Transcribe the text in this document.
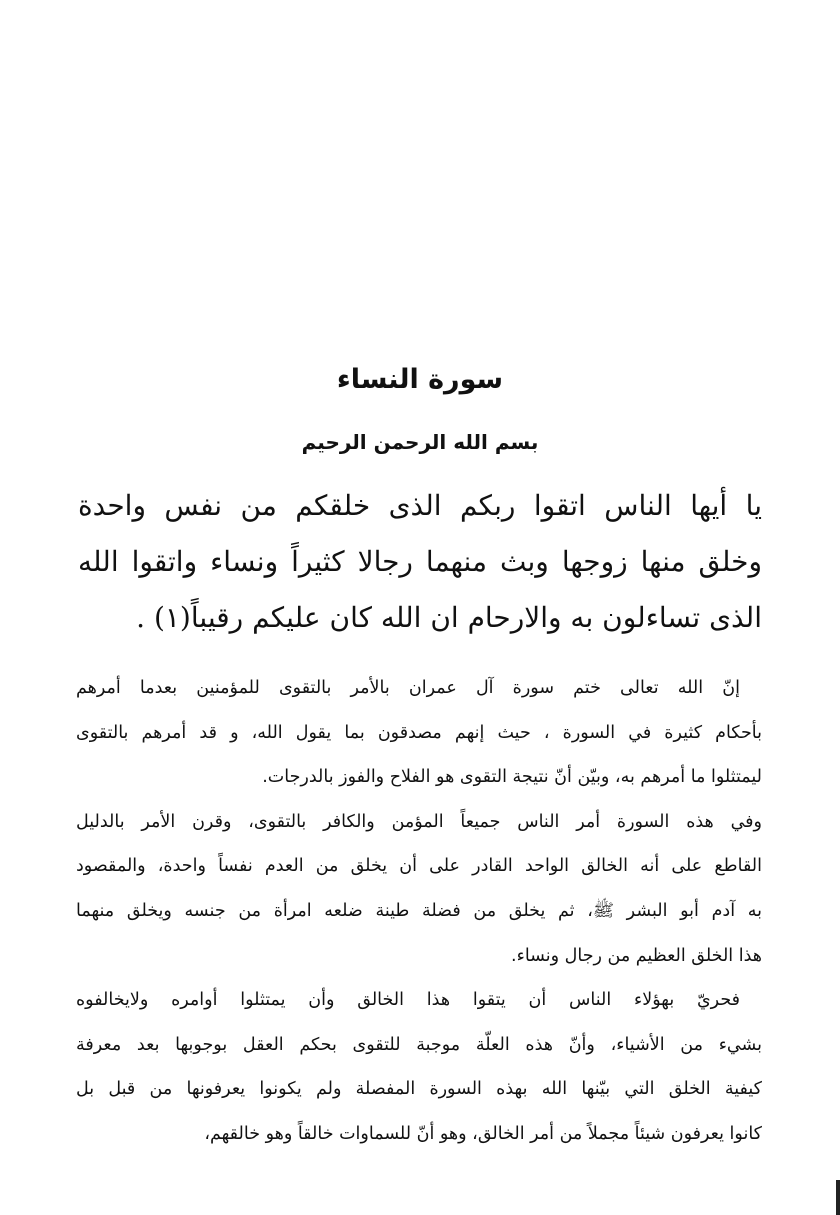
سورة النساء
بسم الله الرحمن الرحيم
يا أيها الناس اتقوا ربكم الذى خلقكم من نفس واحدة
وخلق منها زوجها وبث منهما رجالا كثيراً ونساء واتقوا الله
الذى تساءلون به والارحام ان الله كان عليكم رقيباً(١) .
إنّ الله تعالى ختم سورة آل عمران بالأمر بالتقوى للمؤمنين بعدما أمرهم
بأحكام كثيرة في السورة ، حيث إنهم مصدقون بما يقول الله، و قد أمرهم بالتقوى
ليمتثلوا ما أمرهم به، وبيّن أنّ نتيجة التقوى هو الفلاح والفوز بالدرجات.
وفي هذه السورة أمر الناس جميعاً المؤمن والكافر بالتقوى، وقرن الأمر بالدليل
القاطع على أنه الخالق الواحد القادر على أن يخلق من العدم نفساً واحدة، والمقصود
به آدم أبو البشر ﷺ، ثم يخلق من فضلة طينة ضلعه امرأة من جنسه ويخلق منهما
هذا الخلق العظيم من رجال ونساء.
فحريّ بهؤلاء الناس أن يتقوا هذا الخالق وأن يمتثلوا أوامره ولايخالفوه
بشيء من الأشياء، وأنّ هذه العلّة موجبة للتقوى بحكم العقل بوجوبها بعد معرفة
كيفية الخلق التي بيّنها الله بهذه السورة المفصلة ولم يكونوا يعرفونها من قبل بل
كانوا يعرفون شيئاً مجملاً من أمر الخالق، وهو أنّ للسماوات خالقاً وهو خالقهم،
